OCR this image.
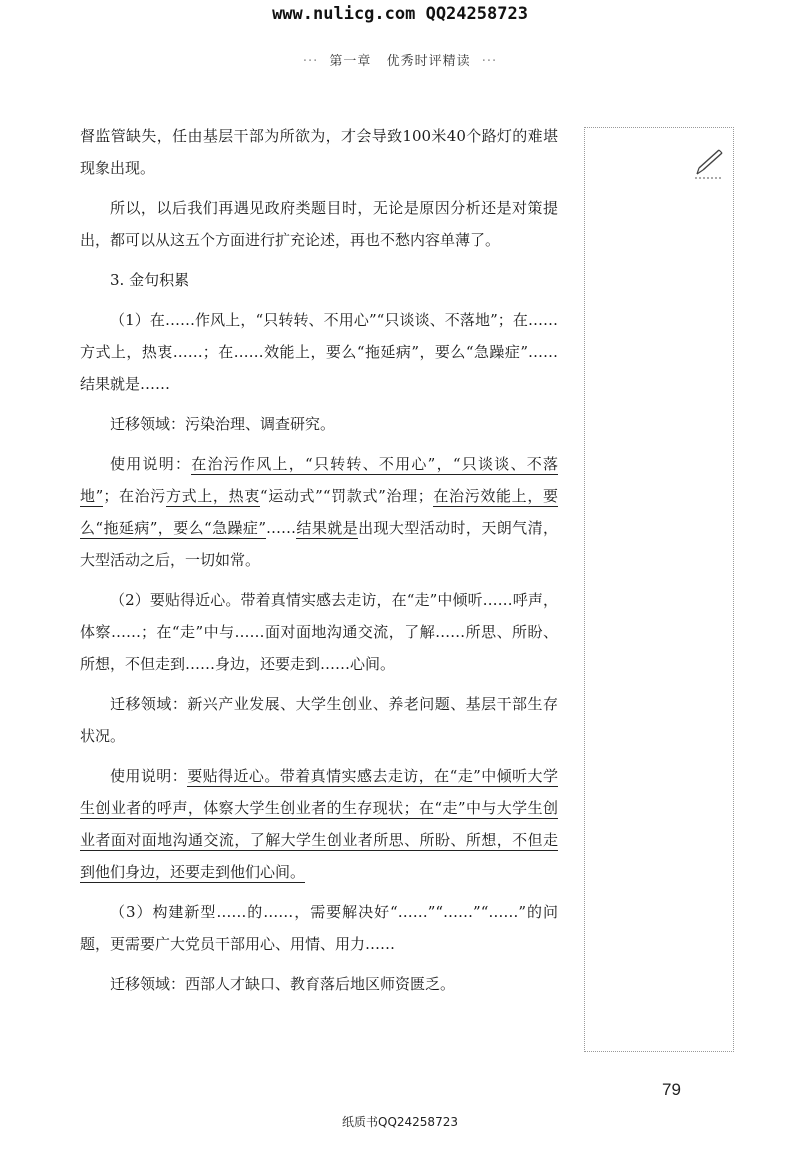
www.nulicg.com QQ24258723
··· 第一章 优秀时评精读 ···

督监管缺失，任由基层干部为所欲为，才会导致100米40个路灯的难堪现象出现。

所以，以后我们再遇见政府类题目时，无论是原因分析还是对策提出，都可以从这五个方面进行扩充论述，再也不愁内容单薄了。

3. 金句积累

（1）在……作风上，“只转转、不用心”“只谈谈、不落地”；在……方式上，热衷……；在……效能上，要么“拖延病”，要么“急躁症”……结果就是……

迁移领域：污染治理、调查研究。

使用说明：在治污作风上，“只转转、不用心”，“只谈谈、不落地”；在治污方式上，热衷“运动式”“罚款式”治理；在治污效能上，要么“拖延病”，要么“急躁症”……结果就是出现大型活动时，天朗气清，大型活动之后，一切如常。

（2）要贴得近心。带着真情实感去走访，在“走”中倾听……呼声，体察……；在“走”中与……面对面地沟通交流，了解……所思、所盼、所想，不但走到……身边，还要走到……心间。

迁移领域：新兴产业发展、大学生创业、养老问题、基层干部生存状况。

使用说明：要贴得近心。带着真情实感去走访，在“走”中倾听大学生创业者的呼声，体察大学生创业者的生存现状；在“走”中与大学生创业者面对面地沟通交流，了解大学生创业者所思、所盼、所想，不但走到他们身边，还要走到他们心间。

（3）构建新型……的……，需要解决好“……”“……”“……”的问题，更需要广大党员干部用心、用情、用力……

迁移领域：西部人才缺口、教育落后地区师资匮乏。

79
纸质书QQ24258723
